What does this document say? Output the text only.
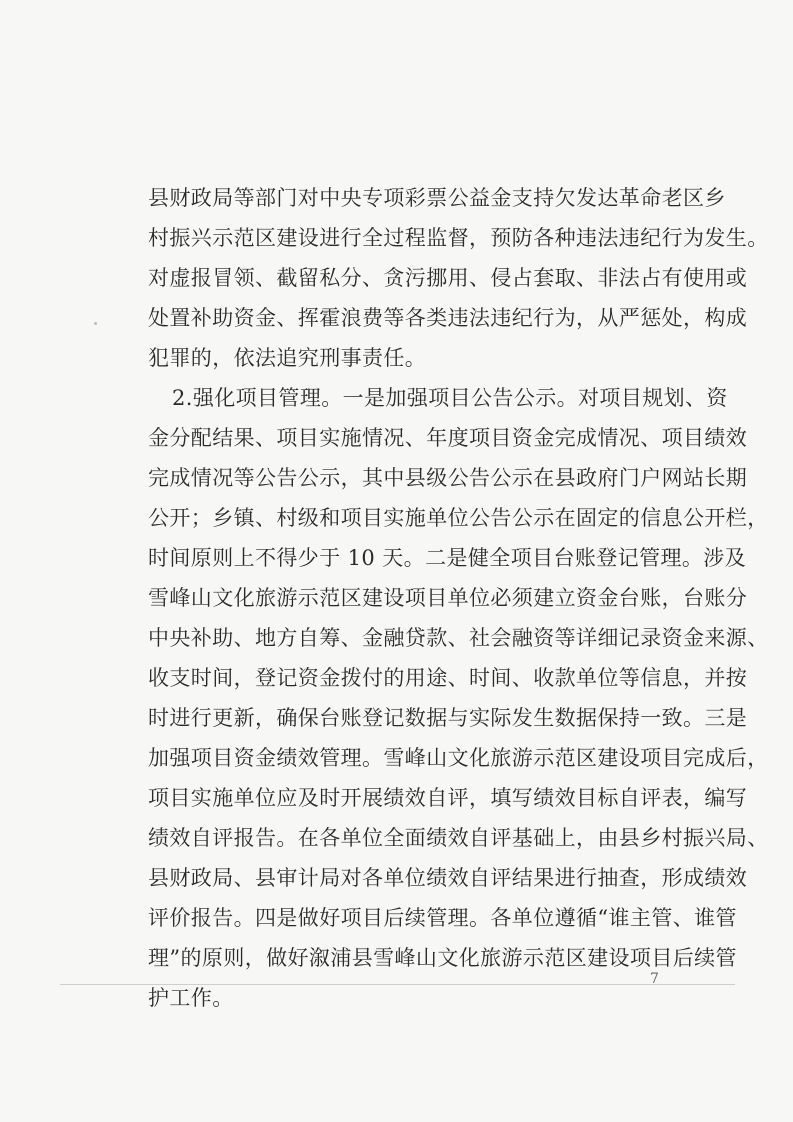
县财政局等部门对中央专项彩票公益金支持欠发达革命老区乡
村振兴示范区建设进行全过程监督，预防各种违法违纪行为发生。
对虚报冒领、截留私分、贪污挪用、侵占套取、非法占有使用或
处置补助资金、挥霍浪费等各类违法违纪行为，从严惩处，构成
犯罪的，依法追究刑事责任。
2.强化项目管理。一是加强项目公告公示。对项目规划、资
金分配结果、项目实施情况、年度项目资金完成情况、项目绩效
完成情况等公告公示，其中县级公告公示在县政府门户网站长期
公开；乡镇、村级和项目实施单位公告公示在固定的信息公开栏，
时间原则上不得少于 10 天。二是健全项目台账登记管理。涉及
雪峰山文化旅游示范区建设项目单位必须建立资金台账，台账分
中央补助、地方自筹、金融贷款、社会融资等详细记录资金来源、
收支时间，登记资金拨付的用途、时间、收款单位等信息，并按
时进行更新，确保台账登记数据与实际发生数据保持一致。三是
加强项目资金绩效管理。雪峰山文化旅游示范区建设项目完成后，
项目实施单位应及时开展绩效自评，填写绩效目标自评表，编写
绩效自评报告。在各单位全面绩效自评基础上，由县乡村振兴局、
县财政局、县审计局对各单位绩效自评结果进行抽查，形成绩效
评价报告。四是做好项目后续管理。各单位遵循“谁主管、谁管
理”的原则，做好溆浦县雪峰山文化旅游示范区建设项目后续管
护工作。
7
